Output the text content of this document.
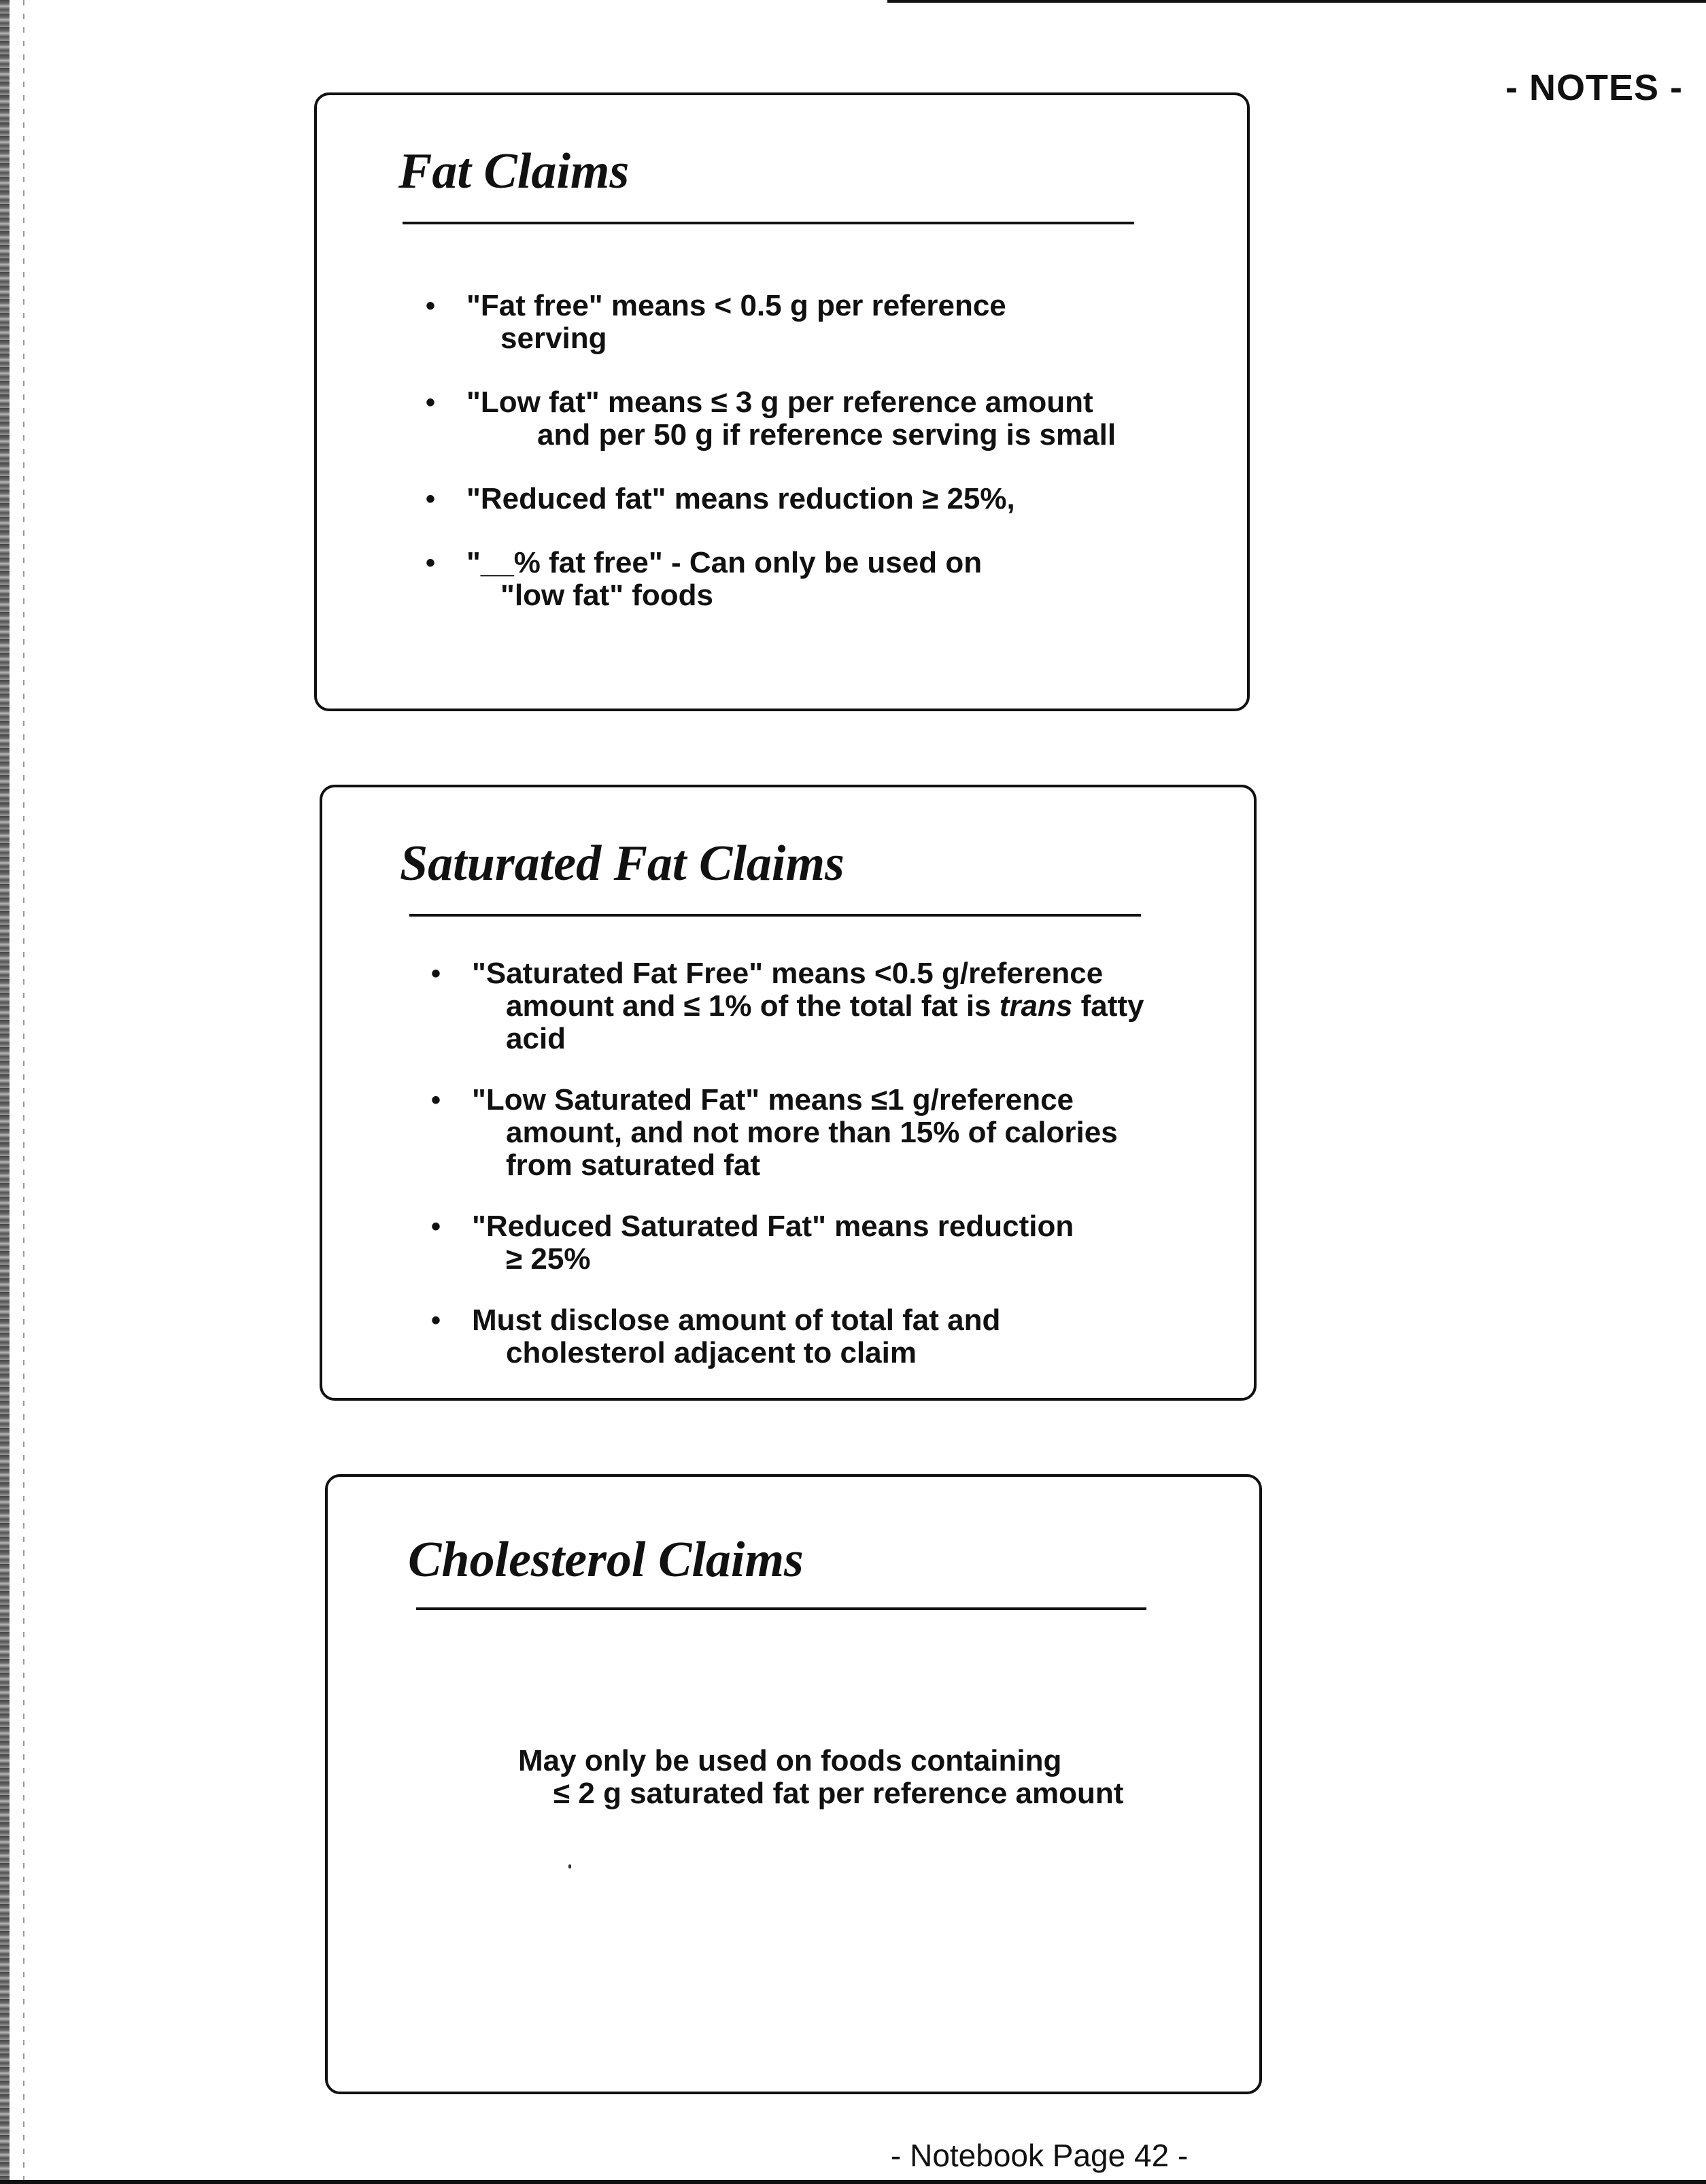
- NOTES -
Fat Claims
• "Fat free" means < 0.5 g per reference
serving
• "Low fat" means ≤ 3 g per reference amount
and per 50 g if reference serving is small
• "Reduced fat" means reduction ≥ 25%,
• "__% fat free" - Can only be used on
"low fat" foods
Saturated Fat Claims
• "Saturated Fat Free" means <0.5 g/reference
amount and ≤ 1% of the total fat is trans fatty
acid
• "Low Saturated Fat" means ≤1 g/reference
amount, and not more than 15% of calories
from saturated fat
• "Reduced Saturated Fat" means reduction
≥ 25%
• Must disclose amount of total fat and
cholesterol adjacent to claim
Cholesterol Claims
May only be used on foods containing
≤ 2 g saturated fat per reference amount
- Notebook Page 42 -
